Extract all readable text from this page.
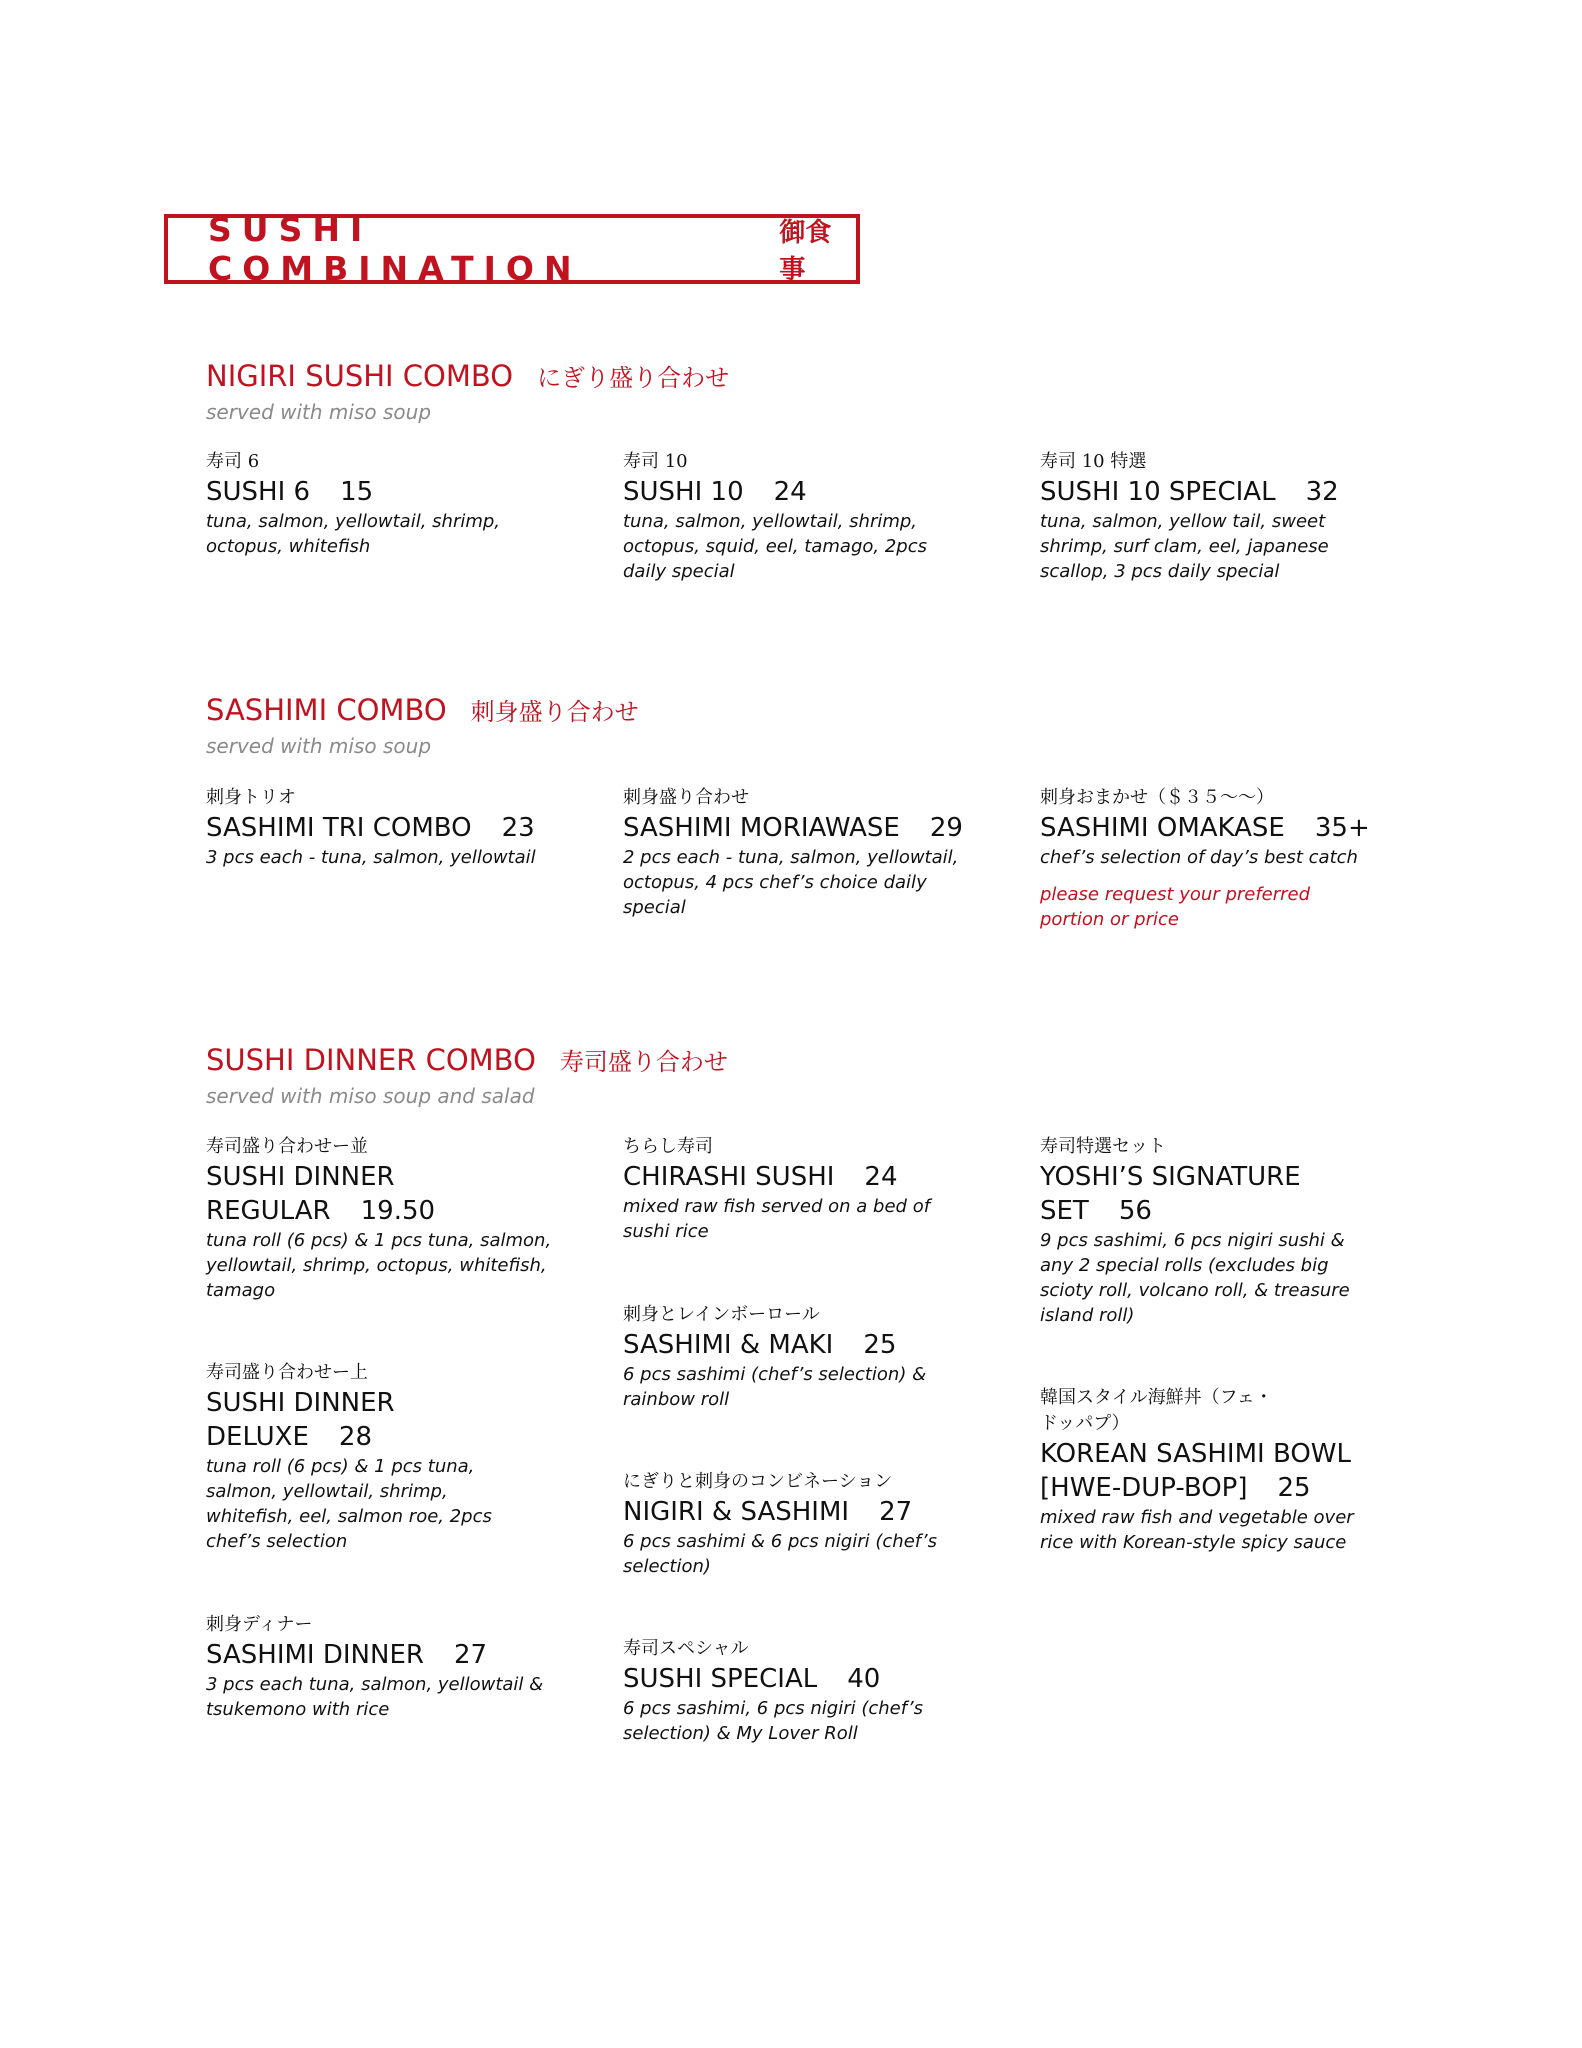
SUSHI COMBINATION
御食事
NIGIRI SUSHI COMBO にぎり盛り合わせ
served with miso soup
寿司 6
SUSHI 6 15
tuna, salmon, yellowtail, shrimp, octopus, whitefish
寿司 10
SUSHI 10 24
tuna, salmon, yellowtail, shrimp, octopus, squid, eel, tamago, 2pcs daily special
寿司 10 特選
SUSHI 10 SPECIAL 32
tuna, salmon, yellow tail, sweet shrimp, surf clam, eel, japanese scallop, 3 pcs daily special
SASHIMI COMBO 刺身盛り合わせ
served with miso soup
刺身トリオ
SASHIMI TRI COMBO 23
3 pcs each - tuna, salmon, yellowtail
刺身盛り合わせ
SASHIMI MORIAWASE 29
2 pcs each - tuna, salmon, yellowtail, octopus, 4 pcs chef’s choice daily special
刺身おまかせ（＄３５〜〜）
SASHIMI OMAKASE 35+
chef’s selection of day’s best catch
please request your preferred portion or price
SUSHI DINNER COMBO 寿司盛り合わせ
served with miso soup and salad
寿司盛り合わせー並
SUSHI DINNER REGULAR 19.50
tuna roll (6 pcs) & 1 pcs tuna, salmon, yellowtail, shrimp, octopus, whitefish, tamago
寿司盛り合わせー上
SUSHI DINNER DELUXE 28
tuna roll (6 pcs) & 1 pcs tuna, salmon, yellowtail, shrimp, whitefish, eel, salmon roe, 2pcs chef’s selection
刺身ディナー
SASHIMI DINNER 27
3 pcs each tuna, salmon, yellowtail & tsukemono with rice
ちらし寿司
CHIRASHI SUSHI 24
mixed raw fish served on a bed of sushi rice
刺身とレインボーロール
SASHIMI & MAKI 25
6 pcs sashimi (chef’s selection) & rainbow roll
にぎりと刺身のコンビネーション
NIGIRI & SASHIMI 27
6 pcs sashimi & 6 pcs nigiri (chef’s selection)
寿司スペシャル
SUSHI SPECIAL 40
6 pcs sashimi, 6 pcs nigiri (chef’s selection) & My Lover Roll
寿司特選セット
YOSHI’S SIGNATURE SET 56
9 pcs sashimi, 6 pcs nigiri sushi & any 2 special rolls (excludes big scioty roll, volcano roll, & treasure island roll)
韓国スタイル海鮮丼（フェ・ドッパプ）
KOREAN SASHIMI BOWL [HWE-DUP-BOP] 25
mixed raw fish and vegetable over rice with Korean-style spicy sauce
